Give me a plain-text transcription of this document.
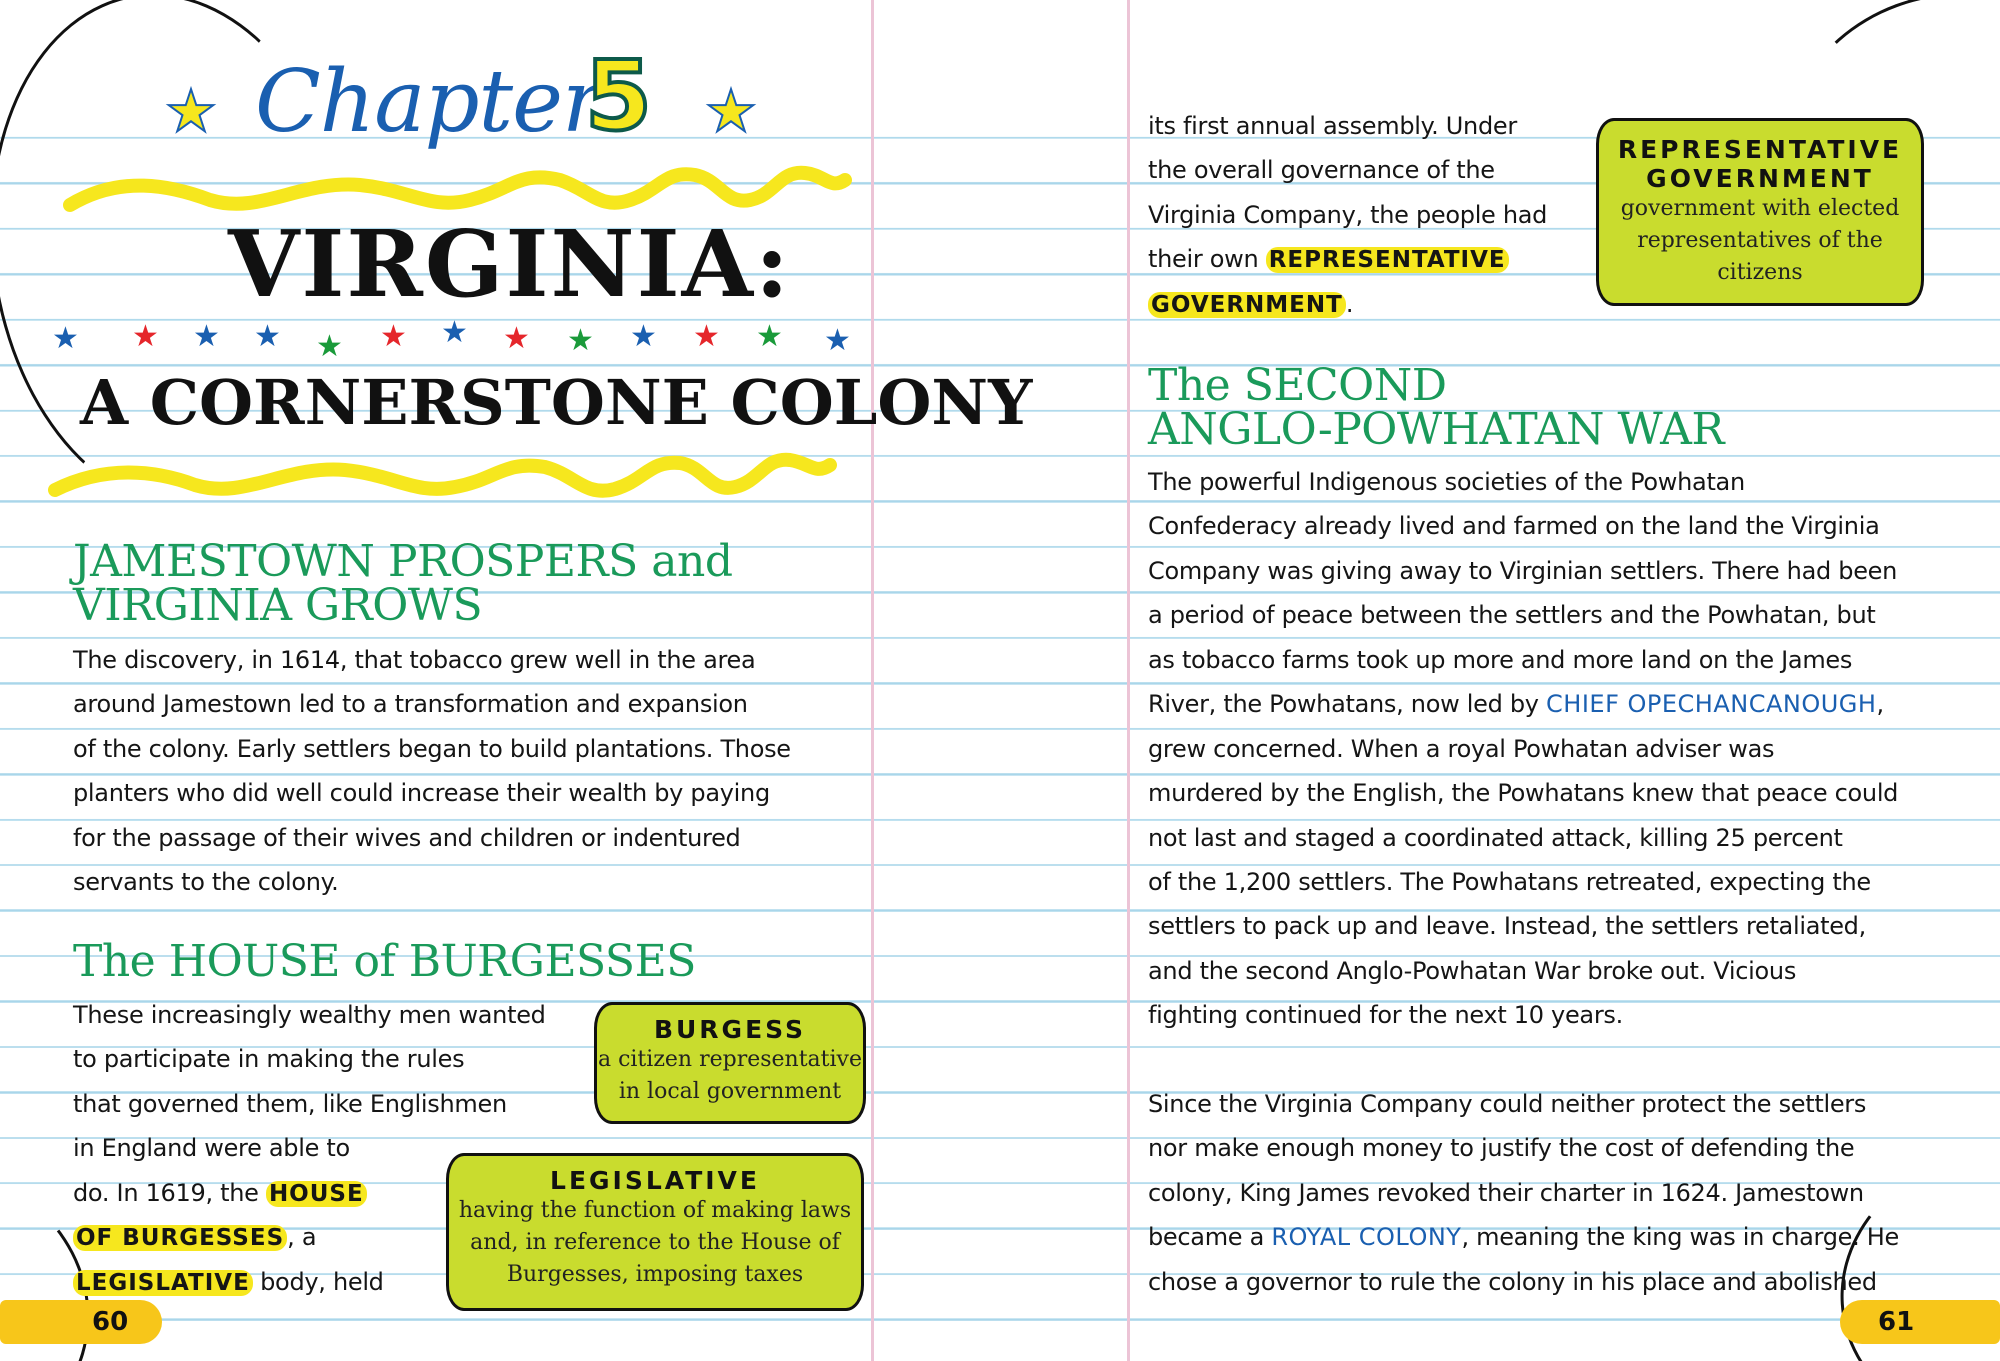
★ Chapter
5 ★
VIRGINIA:
★ ★ ★ ★ ★ ★ ★ ★ ★ ★ ★ ★ ★
A CORNERSTONE COLONY
JAMESTOWN PROSPERS and
VIRGINIA GROWS
The discovery, in 1614, that tobacco grew well in the area
around Jamestown led to a transformation and expansion
of the colony. Early settlers began to build plantations. Those
planters who did well could increase their wealth by paying
for the passage of their wives and children or indentured
servants to the colony.
The HOUSE of BURGESSES
These increasingly wealthy men wanted
to participate in making the rules
that governed them, like Englishmen
in England were able to
do. In 1619, the HOUSE
OF BURGESSES , a
LEGISLATIVE body, held
BURGESS
a citizen representative
in local government
LEGISLATIVE
having the function of making laws
and, in reference to the House of
Burgesses, imposing taxes
60
its first annual assembly. Under
the overall governance of the
Virginia Company, the people had
their own REPRESENTATIVE
GOVERNMENT .
REPRESENTATIVE
GOVERNMENT
government with elected
representatives of the
citizens
The SECOND
ANGLO-POWHATAN WAR
The powerful Indigenous societies of the Powhatan
Confederacy already lived and farmed on the land the Virginia
Company was giving away to Virginian settlers. There had been
a period of peace between the settlers and the Powhatan, but
as tobacco farms took up more and more land on the James
River, the Powhatans, now led by CHIEF OPECHANCANOUGH,
grew concerned. When a royal Powhatan adviser was
murdered by the English, the Powhatans knew that peace could
not last and staged a coordinated attack, killing 25 percent
of the 1,200 settlers. The Powhatans retreated, expecting the
settlers to pack up and leave. Instead, the settlers retaliated,
and the second Anglo-Powhatan War broke out. Vicious
fighting continued for the next 10 years.
Since the Virginia Company could neither protect the settlers
nor make enough money to justify the cost of defending the
colony, King James revoked their charter in 1624. Jamestown
became a ROYAL COLONY, meaning the king was in charge. He
chose a governor to rule the colony in his place and abolished
61
